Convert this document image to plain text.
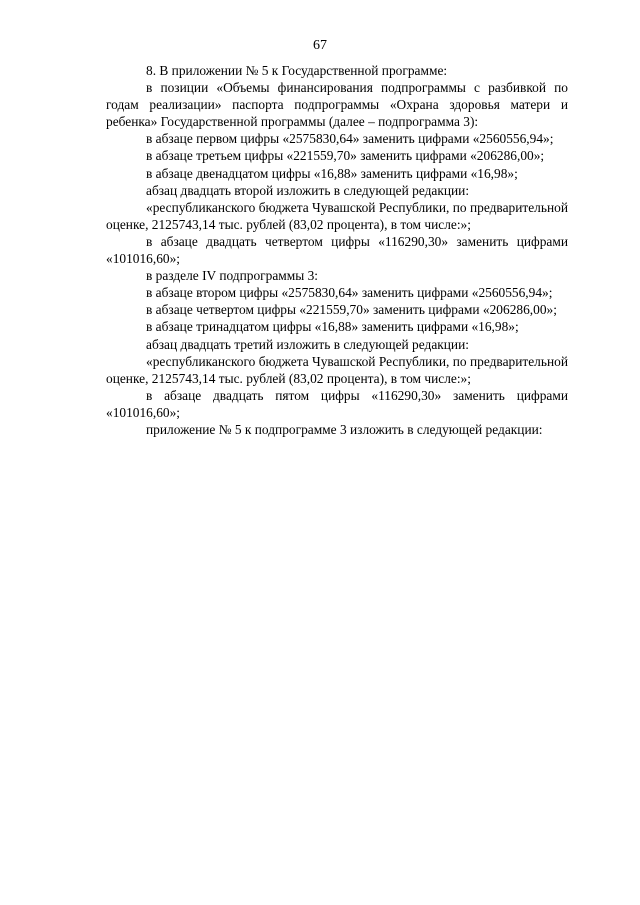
67

8. В приложении № 5 к Государственной программе:

в позиции «Объемы финансирования подпрограммы с разбивкой по годам реализации» паспорта подпрограммы «Охрана здоровья матери и ребенка» Государственной программы (далее – подпрограмма 3):

в абзаце первом цифры «2575830,64» заменить цифрами «2560556,94»;

в абзаце третьем цифры «221559,70» заменить цифрами «206286,00»;

в абзаце двенадцатом цифры «16,88» заменить цифрами «16,98»;

абзац двадцать второй изложить в следующей редакции:

«республиканского бюджета Чувашской Республики, по предварительной оценке, 2125743,14 тыс. рублей (83,02 процента), в том числе:»;

в абзаце двадцать четвертом цифры «116290,30» заменить цифрами «101016,60»;

в разделе IV подпрограммы 3:

в абзаце втором цифры «2575830,64» заменить цифрами «2560556,94»;

в абзаце четвертом цифры «221559,70» заменить цифрами «206286,00»;

в абзаце тринадцатом цифры «16,88» заменить цифрами «16,98»;

абзац двадцать третий изложить в следующей редакции:

«республиканского бюджета Чувашской Республики, по предварительной оценке, 2125743,14 тыс. рублей (83,02 процента), в том числе:»;

в абзаце двадцать пятом цифры «116290,30» заменить цифрами «101016,60»;

приложение № 5 к подпрограмме 3 изложить в следующей редакции:
